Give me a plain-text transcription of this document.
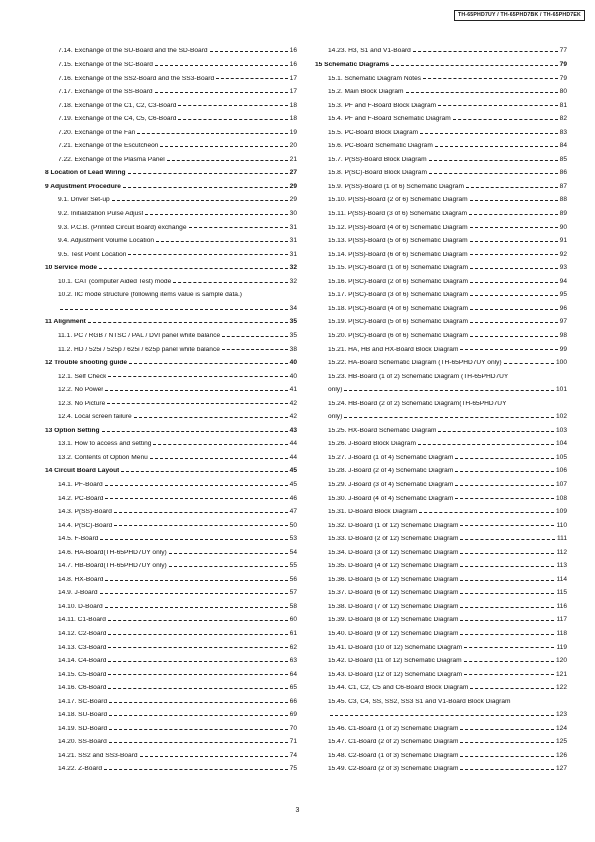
TH-65PHD7UY / TH-65PHD7BK / TH-65PHD7EK
7.14. Exchange of the SU-Board and the SD-Board	16
7.15. Exchange of the SC-Board	16
7.16. Exchange of the SS2-Board and the SS3-Board	17
7.17. Exchange of the SS-Board	17
7.18. Exchange of the C1, C2, C3-Board	18
7.19. Exchange of the C4, C5, C6-Board	18
7.20. Exchange of the Fan	19
7.21. Exchange of the Escutcheon	20
7.22. Exchange of the Plasma Panel	21
8 Location of Lead Wiring	27
9 Adjustment Procedure	29
9.1. Driver Set-up	29
9.2. Initialization Pulse Adjust	30
9.3. P.C.B. (Printed Circuit Board) exchange	31
9.4. Adjustment Volume Location	31
9.5. Test Point Location	31
10 Service mode	32
10.1. CAT (computer Aided Test) mode	32
10.2. IIC mode structure (following items value is sample data.)
34
11 Alignment	35
11.1. PC / RGB / NTSC / PAL / DVI panel white balance	35
11.2. HD / 525i / 525p / 625i / 625p panel white balance	38
12 Trouble shooting guide	40
12.1. Self Check	40
12.2. No Power	41
12.3. No Picture	42
12.4. Local screen failure	42
13 Option Setting	43
13.1. How to access and setting	44
13.2. Contents of Option Menu	44
14 Circuit Board Layout	45
14.1. PF-Board	45
14.2. PC-Board	46
14.3. P(SS)-Board	47
14.4. P(SC)-Board	50
14.5. F-Board	53
14.6. HA-Board(TH-65PHD7UY only)	54
14.7. HB-Board(TH-65PHD7UY only)	55
14.8. HX-Board	56
14.9. J-Board	57
14.10. D-Board	58
14.11. C1-Board	60
14.12. C2-Board	61
14.13. C3-Board	62
14.14. C4-Board	63
14.15. C5-Board	64
14.16. C6-Board	65
14.17. SC-Board	66
14.18. SU-Board	69
14.19. SD-Board	70
14.20. SS-Board	71
14.21. SS2 and SS3-Board	74
14.22. Z-Board	75
14.23. H3, S1 and V1-Board	77
15 Schematic Diagrams	79
15.1. Schematic Diagram Notes	79
15.2. Main Block Diagram	80
15.3. PF and F-Board Block Diagram	81
15.4. PF and F-Board Schematic Diagram	82
15.5. PC-Board Block Diagram	83
15.6. PC-Board Schematic Diagram	84
15.7. P(SS)-Board Block Diagram	85
15.8. P(SC)-Board Block Diagram	86
15.9. P(SS)-Board (1 of 6) Schematic Diagram	87
15.10. P(SS)-Board (2 of 6) Schematic Diagram	88
15.11. P(SS)-Board (3 of 6) Schematic Diagram	89
15.12. P(SS)-Board (4 of 6) Schematic Diagram	90
15.13. P(SS)-Board (5 of 6) Schematic Diagram	91
15.14. P(SS)-Board (6 of 6) Schematic Diagram	92
15.15. P(SC)-Board (1 of 6) Schematic Diagram	93
15.16. P(SC)-Board (2 of 6) Schematic Diagram	94
15.17. P(SC)-Board (3 of 6) Schematic Diagram	95
15.18. P(SC)-Board (4 of 6) Schematic Diagram	96
15.19. P(SC)-Board (5 of 6) Schematic Diagram	97
15.20. P(SC)-Board (6 of 6) Schematic Diagram	98
15.21. HA, HB and HX-Board Block Diagram	99
15.22. HA-Board Schematic Diagram (TH-65PHD7UY only)	100
15.23. HB-Board (1 of 2) Schematic Diagram (TH-65PHD7UY
only)	101
15.24. HB-Board (2 of 2) Schematic Diagram(TH-65PHD7UY
only)	102
15.25. HX-Board Schematic Diagram	103
15.26. J-Board Block Diagram	104
15.27. J-Board (1 of 4) Schematic Diagram	105
15.28. J-Board (2 of 4) Schematic Diagram	106
15.29. J-Board (3 of 4) Schematic Diagram	107
15.30. J-Board (4 of 4) Schematic Diagram	108
15.31. D-Board Block Diagram	109
15.32. D-Board (1 of 12) Schematic Diagram	110
15.33. D-Board (2 of 12) Schematic Diagram	111
15.34. D-Board (3 of 12) Schematic Diagram	112
15.35. D-Board (4 of 12) Schematic Diagram	113
15.36. D-Board (5 of 12) Schematic Diagram	114
15.37. D-Board (6 of 12) Schematic Diagram	115
15.38. D-Board (7 of 12) Schematic Diagram	116
15.39. D-Board (8 of 12) Schematic Diagram	117
15.40. D-Board (9 of 12) Schematic Diagram	118
15.41. D-Board (10 of 12) Schematic Diagram	119
15.42. D-Board (11 of 12) Schematic Diagram	120
15.43. D-Board (12 of 12) Schematic Diagram	121
15.44. C1, C2, C5 and C6-Board Block Diagram	122
15.45. C3, C4, SS, SS2, SS3 S1 and V1-Board Block Diagram
123
15.46. C1-Board (1 of 2) Schematic Diagram	124
15.47. C1-Board (2 of 2) Schematic Diagram	125
15.48. C2-Board (1 of 3) Schematic Diagram	126
15.49. C2-Board (2 of 3) Schematic Diagram	127
3
